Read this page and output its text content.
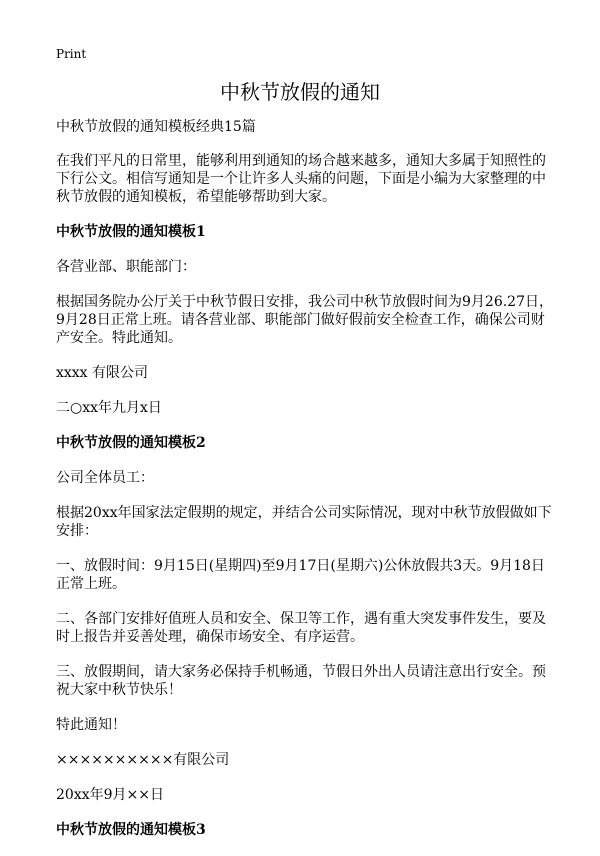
Print
中秋节放假的通知

中秋节放假的通知模板经典15篇

在我们平凡的日常里，能够利用到通知的场合越来越多，通知大多属于知照性的下行公文。相信写通知是一个让许多人头痛的问题，下面是小编为大家整理的中秋节放假的通知模板，希望能够帮助到大家。

中秋节放假的通知模板1

各营业部、职能部门：

根据国务院办公厅关于中秋节假日安排，我公司中秋节放假时间为9月26.27日，9月28日正常上班。请各营业部、职能部门做好假前安全检查工作，确保公司财产安全。特此通知。

xxxx 有限公司

二○xx年九月x日

中秋节放假的通知模板2

公司全体员工：

根据20xx年国家法定假期的规定，并结合公司实际情况，现对中秋节放假做如下安排：

一、放假时间：9月15日(星期四)至9月17日(星期六)公休放假共3天。9月18日正常上班。

二、各部门安排好值班人员和安全、保卫等工作，遇有重大突发事件发生，要及时上报告并妥善处理，确保市场安全、有序运营。

三、放假期间，请大家务必保持手机畅通，节假日外出人员请注意出行安全。预祝大家中秋节快乐！

特此通知！

××××××××××有限公司

20xx年9月××日

中秋节放假的通知模板3
